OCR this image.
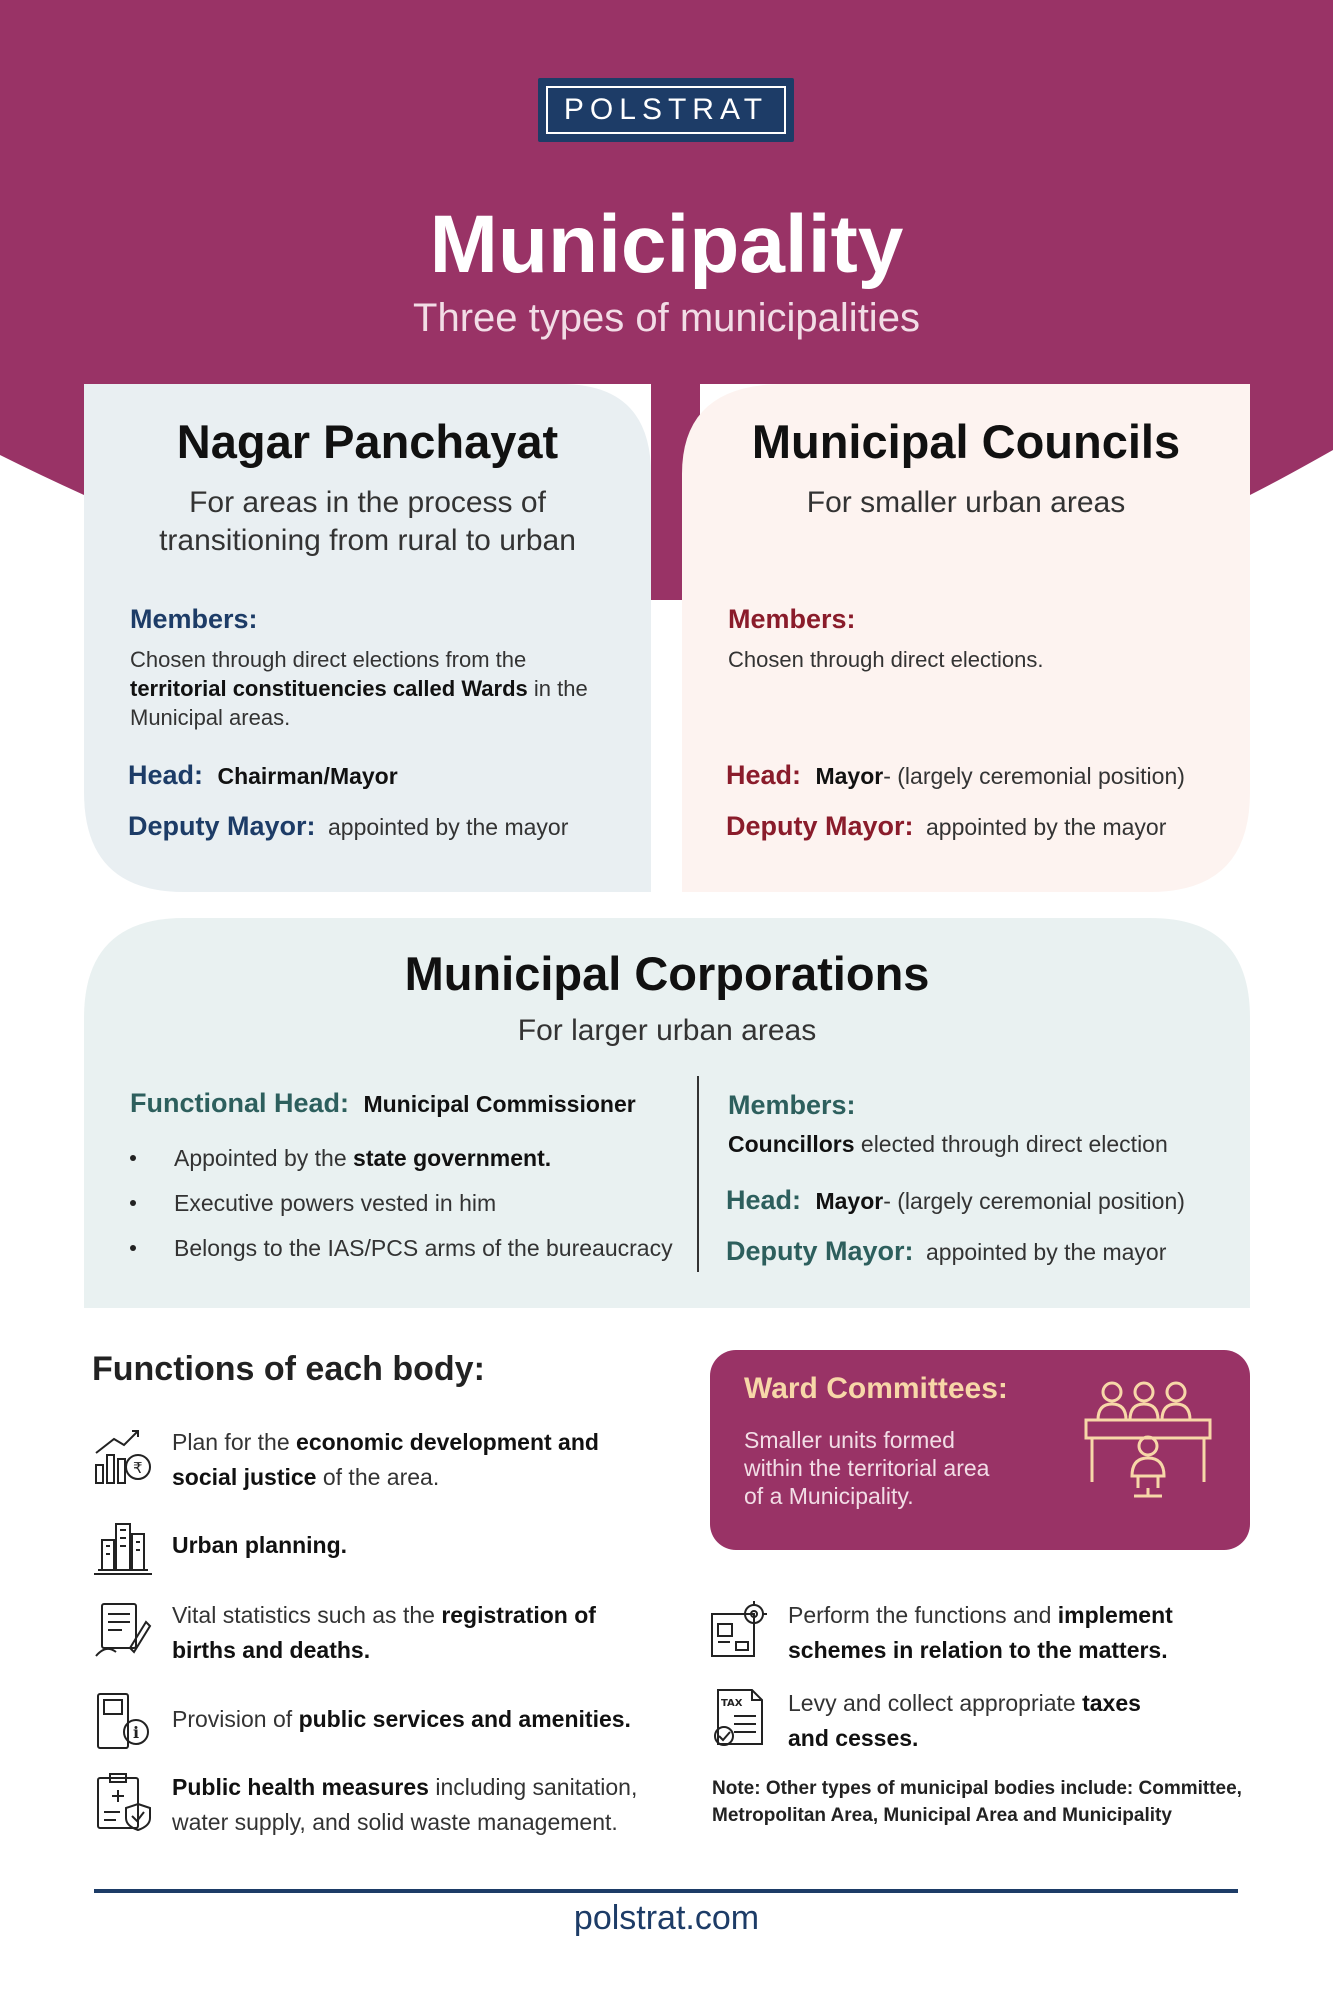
POLSTRAT
Municipality
Three types of municipalities
Nagar Panchayat
For areas in the process of
transitioning from rural to urban
Members:
Chosen through direct elections from the
territorial constituencies called Wards in the
Municipal areas.
Head: Chairman/Mayor
Deputy Mayor: appointed by the mayor
Municipal Councils
For smaller urban areas
Members:
Chosen through direct elections.
Head: Mayor- (largely ceremonial position)
Deputy Mayor: appointed by the mayor
Municipal Corporations
For larger urban areas
Functional Head: Municipal Commissioner
Appointed by the state government.
Executive powers vested in him
Belongs to the IAS/PCS arms of the bureaucracy
Members:
Councillors elected through direct election
Head: Mayor- (largely ceremonial position)
Deputy Mayor: appointed by the mayor
Functions of each body:
₹
Plan for the economic development and
social justice of the area.
Urban planning.
Vital statistics such as the registration of
births and deaths.
i
Provision of public services and amenities.
Public health measures including sanitation,
water supply, and solid waste management.
Ward Committees:
Smaller units formed
within the territorial area
of a Municipality.
Perform the functions and implement
schemes in relation to the matters.
TAX Levy and collect appropriate taxes
and cesses.
Note: Other types of municipal bodies include: Committee,
Metropolitan Area, Municipal Area and Municipality
polstrat.com
